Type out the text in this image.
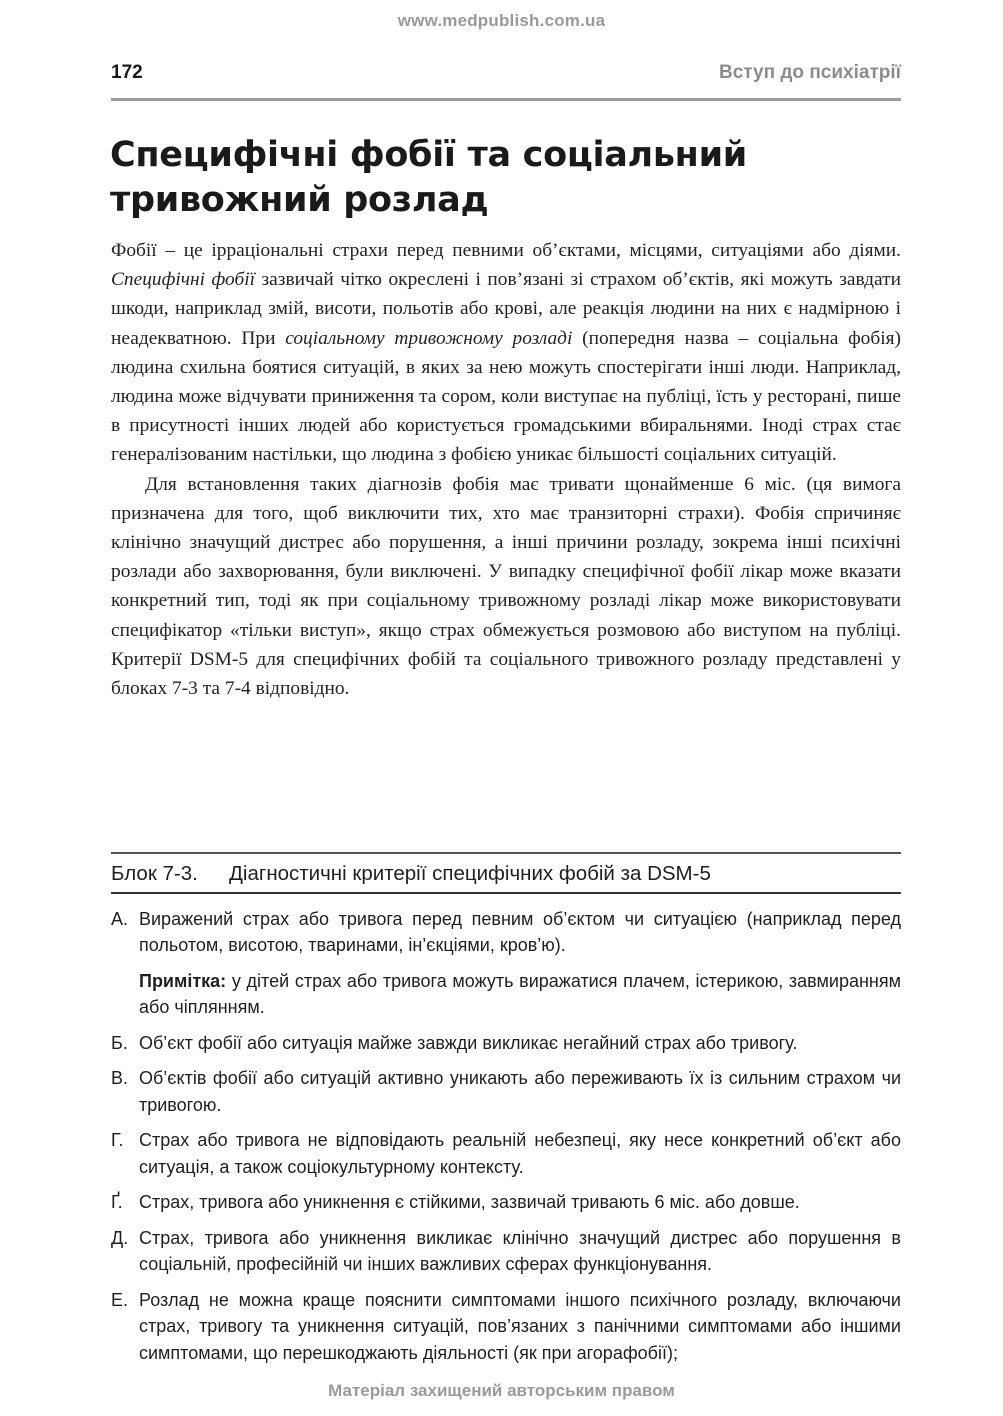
www.medpublish.com.ua
172	Вступ до психіатрії
Специфічні фобії та соціальний
тривожний розлад

Фобії – це ірраціональні страхи перед певними об’єктами, місцями, ситуаціями або діями. Специфічні фобії зазвичай чітко окреслені і пов’язані зі страхом об’єктів, які можуть завдати шкоди, наприклад змій, висоти, польотів або крові, але реакція людини на них є надмірною і неадекватною. При соціальному тривожному розладі (попередня назва – соціальна фобія) людина схильна боятися ситуацій, в яких за нею можуть спостерігати інші люди. Наприклад, людина може відчувати приниження та сором, коли виступає на публіці, їсть у ресторані, пише в присутності інших людей або користується громадськими вбиральнями. Іноді страх стає генералізованим настільки, що людина з фобією уникає більшості соціальних ситуацій.

Для встановлення таких діагнозів фобія має тривати щонайменше 6 міс. (ця вимога призначена для того, щоб виключити тих, хто має транзиторні страхи). Фобія спричиняє клінічно значущий дистрес або порушення, а інші причини розладу, зокрема інші психічні розлади або захворювання, були виключені. У випадку специфічної фобії лікар може вказати конкретний тип, тоді як при соціальному тривожному розладі лікар може використовувати специфікатор «тільки виступ», якщо страх обмежується розмовою або виступом на публіці. Критерії DSM-5 для специфічних фобій та соціального тривожного розладу представлені у блоках 7-3 та 7-4 відповідно.

Блок 7-3. Діагностичні критерії специфічних фобій за DSM-5
А. Виражений страх або тривога перед певним об’єктом чи ситуацією (наприклад перед польотом, висотою, тваринами, ін’єкціями, кров’ю).

Примітка: у дітей страх або тривога можуть виражатися плачем, істерикою, завмиранням або чіплянням.

Б. Об’єкт фобії або ситуація майже завжди викликає негайний страх або тривогу.

В. Об’єктів фобії або ситуацій активно уникають або переживають їх із сильним страхом чи тривогою.

Г. Страх або тривога не відповідають реальній небезпеці, яку несе конкретний об’єкт або ситуація, а також соціокультурному контексту.

Ґ. Страх, тривога або уникнення є стійкими, зазвичай тривають 6 міс. або довше.

Д. Страх, тривога або уникнення викликає клінічно значущий дистрес або порушення в соціальній, професійній чи інших важливих сферах функціонування.

Е. Розлад не можна краще пояснити симптомами іншого психічного розладу, включаючи страх, тривогу та уникнення ситуацій, пов’язаних з панічними симптомами або іншими симптомами, що перешкоджають діяльності (як при агорафобії);

Матеріал захищений авторським правом
